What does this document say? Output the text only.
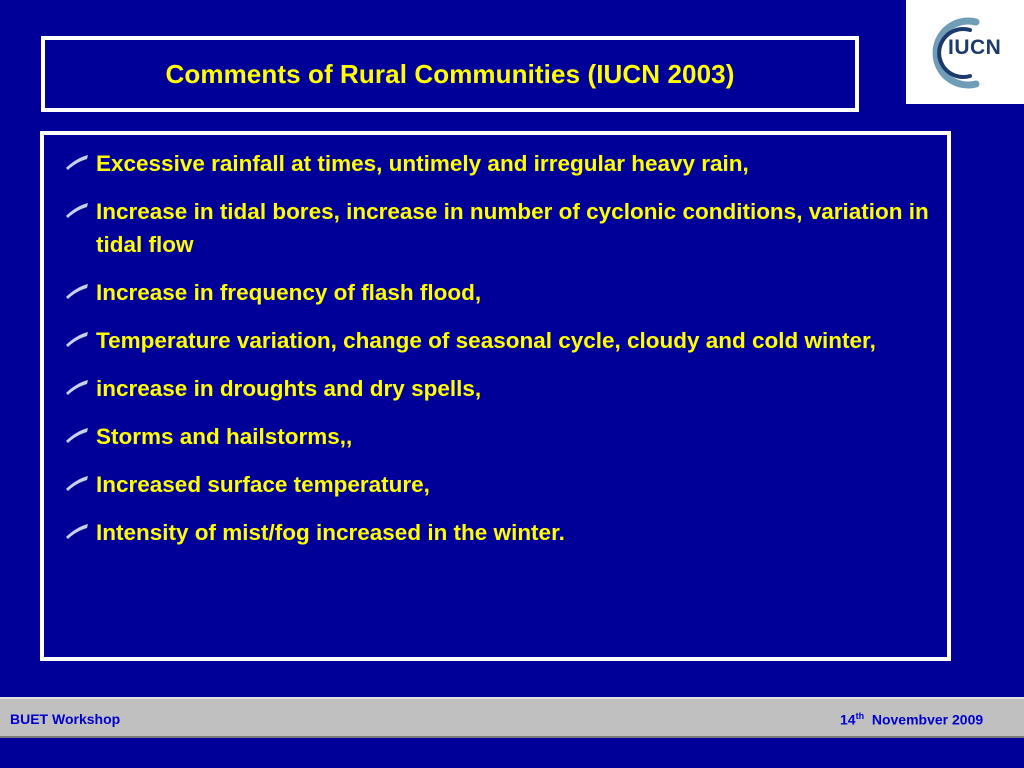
Comments of Rural Communities (IUCN 2003)
IUCN
Excessive rainfall at times, untimely and irregular heavy rain,
Increase in tidal bores, increase in number of cyclonic conditions, variation in tidal flow
Increase in frequency of flash flood,
Temperature variation, change of seasonal cycle, cloudy and cold winter,
increase in droughts and dry spells,
Storms and hailstorms,,
Increased surface temperature,
Intensity of mist/fog increased in the winter.
BUET Workshop	14th Novembver 2009
